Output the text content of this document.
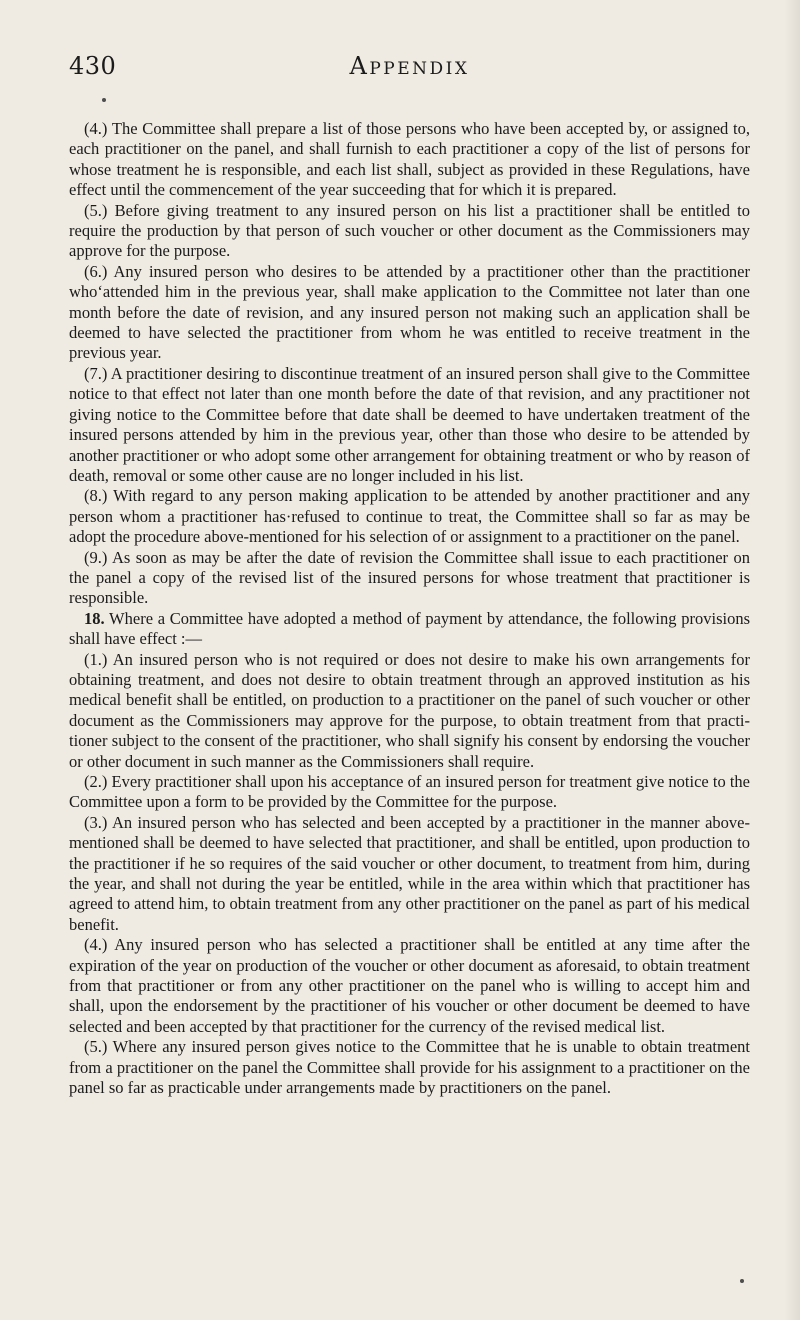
430	Appendix

(4.) The Committee shall prepare a list of those persons who have been accepted by, or assigned to, each practitioner on the panel, and shall furnish to each practitioner a copy of the list of persons for whose treatment he is responsible, and each list shall, subject as provided in these Regulations, have effect until the commencement of the year succeeding that for which it is prepared.

(5.) Before giving treatment to any insured person on his list a practitioner shall be entitled to require the production by that person of such voucher or other document as the Commissioners may approve for the purpose.

(6.) Any insured person who desires to be attended by a practitioner other than the practitioner who‘attended him in the previous year, shall make application to the Committee not later than one month before the date of revision, and any insured person not making such an application shall be deemed to have selected the practitioner from whom he was entitled to receive treatment in the previous year.

(7.) A practitioner desiring to discontinue treatment of an insured person shall give to the Committee notice to that effect not later than one month before the date of that revision, and any practitioner not giving notice to the Committee before that date shall be deemed to have undertaken treatment of the insured persons attended by him in the previous year, other than those who desire to be attended by another practitioner or who adopt some other arrangement for obtaining treatment or who by reason of death, removal or some other cause are no longer included in his list.

(8.) With regard to any person making application to be attended by another practitioner and any person whom a practitioner has·refused to continue to treat, the Committee shall so far as may be adopt the procedure above-mentioned for his selection of or assignment to a practitioner on the panel.

(9.) As soon as may be after the date of revision the Committee shall issue to each practitioner on the panel a copy of the revised list of the insured persons for whose treatment that practitioner is responsible.

18. Where a Committee have adopted a method of payment by attendance, the following provisions shall have effect :—

(1.) An insured person who is not required or does not desire to make his own arrangements for obtaining treatment, and does not desire to obtain treatment through an approved institution as his medical benefit shall be entitled, on production to a practitioner on the panel of such voucher or other document as the Commissioners may approve for the purpose, to obtain treatment from that practitioner subject to the consent of the practitioner, who shall signify his consent by endorsing the voucher or other document in such manner as the Commissioners shall require.

(2.) Every practitioner shall upon his acceptance of an insured person for treatment give notice to the Committee upon a form to be provided by the Committee for the purpose.

(3.) An insured person who has selected and been accepted by a practitioner in the manner above-mentioned shall be deemed to have selected that practitioner, and shall be entitled, upon production to the practitioner if he so requires of the said voucher or other document, to treatment from him, during the year, and shall not during the year be entitled, while in the area within which that practitioner has agreed to attend him, to obtain treatment from any other practitioner on the panel as part of his medical benefit.

(4.) Any insured person who has selected a practitioner shall be entitled at any time after the expiration of the year on production of the voucher or other document as aforesaid, to obtain treatment from that practitioner or from any other practitioner on the panel who is willing to accept him and shall, upon the endorsement by the practitioner of his voucher or other document be deemed to have selected and been accepted by that practitioner for the currency of the revised medical list.

(5.) Where any insured person gives notice to the Committee that he is unable to obtain treatment from a practitioner on the panel the Committee shall provide for his assignment to a practitioner on the panel so far as practicable under arrangements made by practitioners on the panel.
